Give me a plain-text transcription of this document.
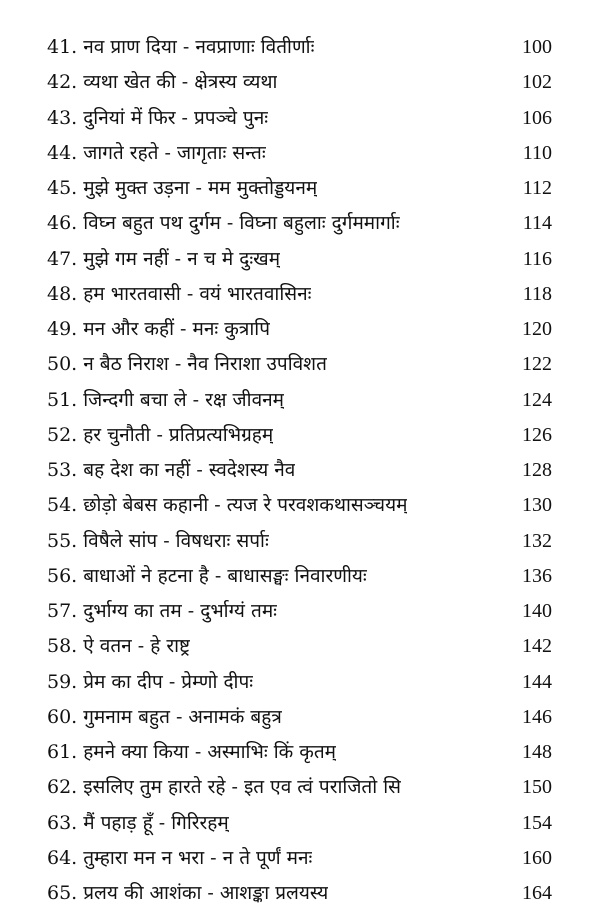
41. नव प्राण दिया - नवप्राणाः वितीर्णाः	100
42. व्यथा खेत की - क्षेत्रस्य व्यथा	102
43. दुनियां में फिर - प्रपञ्चे पुनः	106
44. जागते रहते - जागृताः सन्तः	110
45. मुझे मुक्त उड़ना - मम मुक्तोड्डयनम्	112
46. विघ्न बहुत पथ दुर्गम - विघ्ना बहुलाः दुर्गममार्गाः	114
47. मुझे गम नहीं - न च मे दुःखम्	116
48. हम भारतवासी - वयं भारतवासिनः	118
49. मन और कहीं - मनः कुत्रापि	120
50. न बैठ निराश - नैव निराशा उपविशत	122
51. जिन्दगी बचा ले - रक्ष जीवनम्	124
52. हर चुनौती - प्रतिप्रत्यभिग्रहम्	126
53. बह देश का नहीं - स्वदेशस्य नैव	128
54. छोड़ो बेबस कहानी - त्यज रे परवशकथासञ्चयम्	130
55. विषैले सांप - विषधराः सर्पाः	132
56. बाधाओं ने हटना है - बाधासङ्घः निवारणीयः	136
57. दुर्भाग्य का तम - दुर्भाग्यं तमः	140
58. ऐ वतन - हे राष्ट्र	142
59. प्रेम का दीप - प्रेम्णो दीपः	144
60. गुमनाम बहुत - अनामकं बहुत्र	146
61. हमने क्या किया - अस्माभिः किं कृतम्	148
62. इसलिए तुम हारते रहे - इत एव त्वं पराजितो सि	150
63. मैं पहाड़ हूँ - गिरिरहम्	154
64. तुम्हारा मन न भरा - न ते पूर्णं मनः	160
65. प्रलय की आशंका - आशङ्का प्रलयस्य	164
